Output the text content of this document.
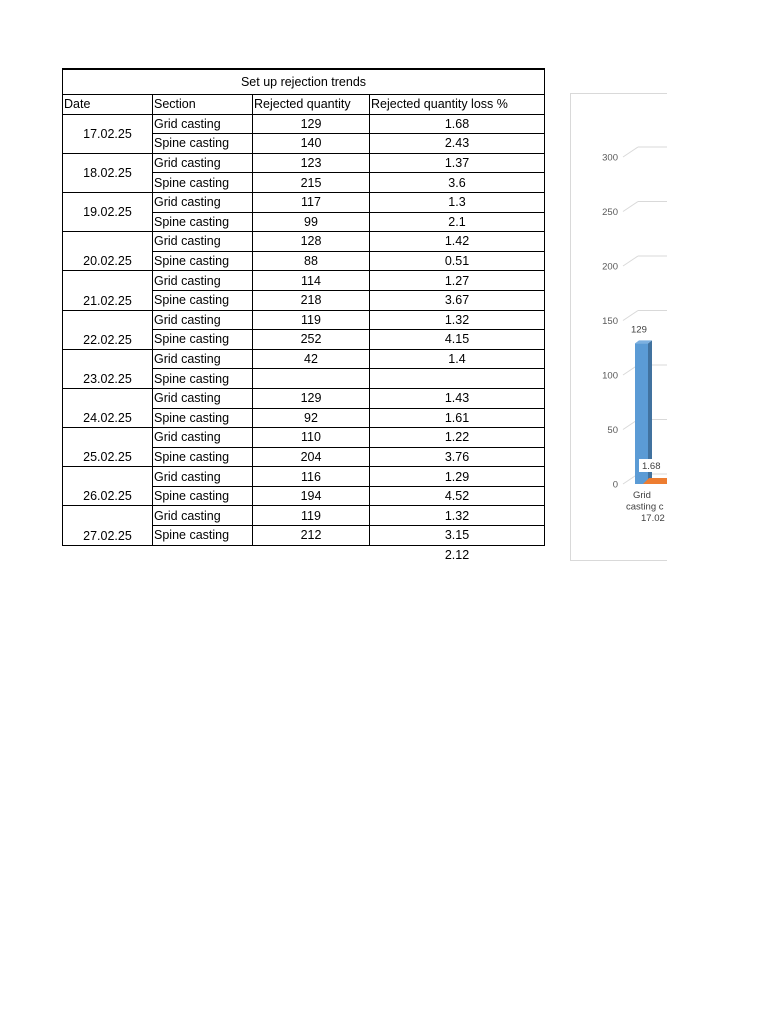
Set up rejection trends			
Date	Section	Rejected quantity	Rejected quantity loss %
17.02.25	Grid casting	129	1.68
	Spine casting	140	2.43
18.02.25	Grid casting	123	1.37
	Spine casting	215	3.6
19.02.25	Grid casting	117	1.3
	Spine casting	99	2.1
20.02.25	Grid casting	128	1.42
	Spine casting	88	0.51
21.02.25	Grid casting	114	1.27
	Spine casting	218	3.67
22.02.25	Grid casting	119	1.32
	Spine casting	252	4.15
23.02.25	Grid casting	42	1.4
	Spine casting		
24.02.25	Grid casting	129	1.43
	Spine casting	92	1.61
25.02.25	Grid casting	110	1.22
	Spine casting	204	3.76
26.02.25	Grid casting	116	1.29
	Spine casting	194	4.52
27.02.25	Grid casting	119	1.32
	Spine casting	212	3.15
			2.12
0
50
100
150
200
250
300
129
1.68
Grid
casting c
17.02
